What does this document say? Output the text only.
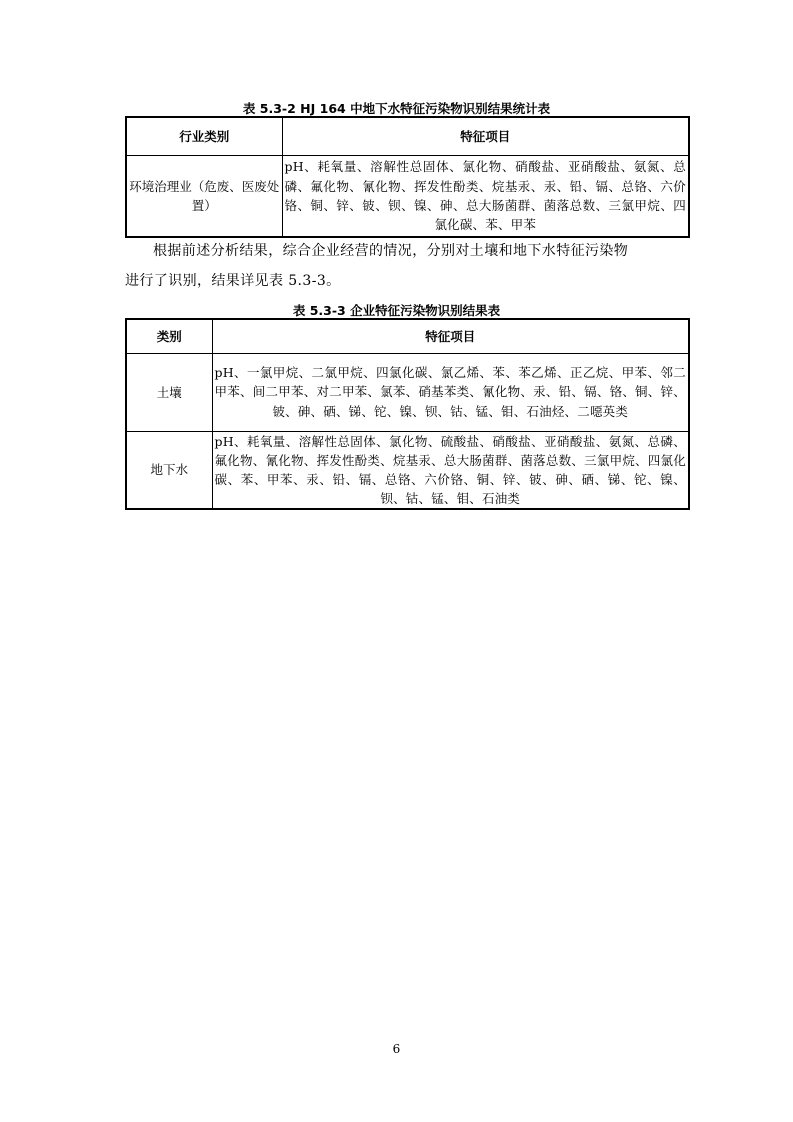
表 5.3-2 HJ 164 中地下水特征污染物识别结果统计表
行业类别	特征项目
环境治理业（危废、医废处置）	pH、耗氧量、溶解性总固体、氯化物、硝酸盐、亚硝酸盐、氨氮、总磷、氟化物、氰化物、挥发性酚类、烷基汞、汞、铅、镉、总铬、六价铬、铜、锌、铍、钡、镍、砷、总大肠菌群、菌落总数、三氯甲烷、四氯化碳、苯、甲苯
根据前述分析结果，综合企业经营的情况，分别对土壤和地下水特征污染物
进行了识别，结果详见表 5.3-3。
表 5.3-3 企业特征污染物识别结果表
类别	特征项目
土壤	pH、一氯甲烷、二氯甲烷、四氯化碳、氯乙烯、苯、苯乙烯、正乙烷、甲苯、邻二甲苯、间二甲苯、对二甲苯、氯苯、硝基苯类、氰化物、汞、铅、镉、铬、铜、锌、铍、砷、硒、锑、铊、镍、钡、钴、锰、钼、石油烃、二噁英类
地下水	pH、耗氧量、溶解性总固体、氯化物、硫酸盐、硝酸盐、亚硝酸盐、氨氮、总磷、氟化物、氰化物、挥发性酚类、烷基汞、总大肠菌群、菌落总数、三氯甲烷、四氯化碳、苯、甲苯、汞、铅、镉、总铬、六价铬、铜、锌、铍、砷、硒、锑、铊、镍、钡、钴、锰、钼、石油类
6
